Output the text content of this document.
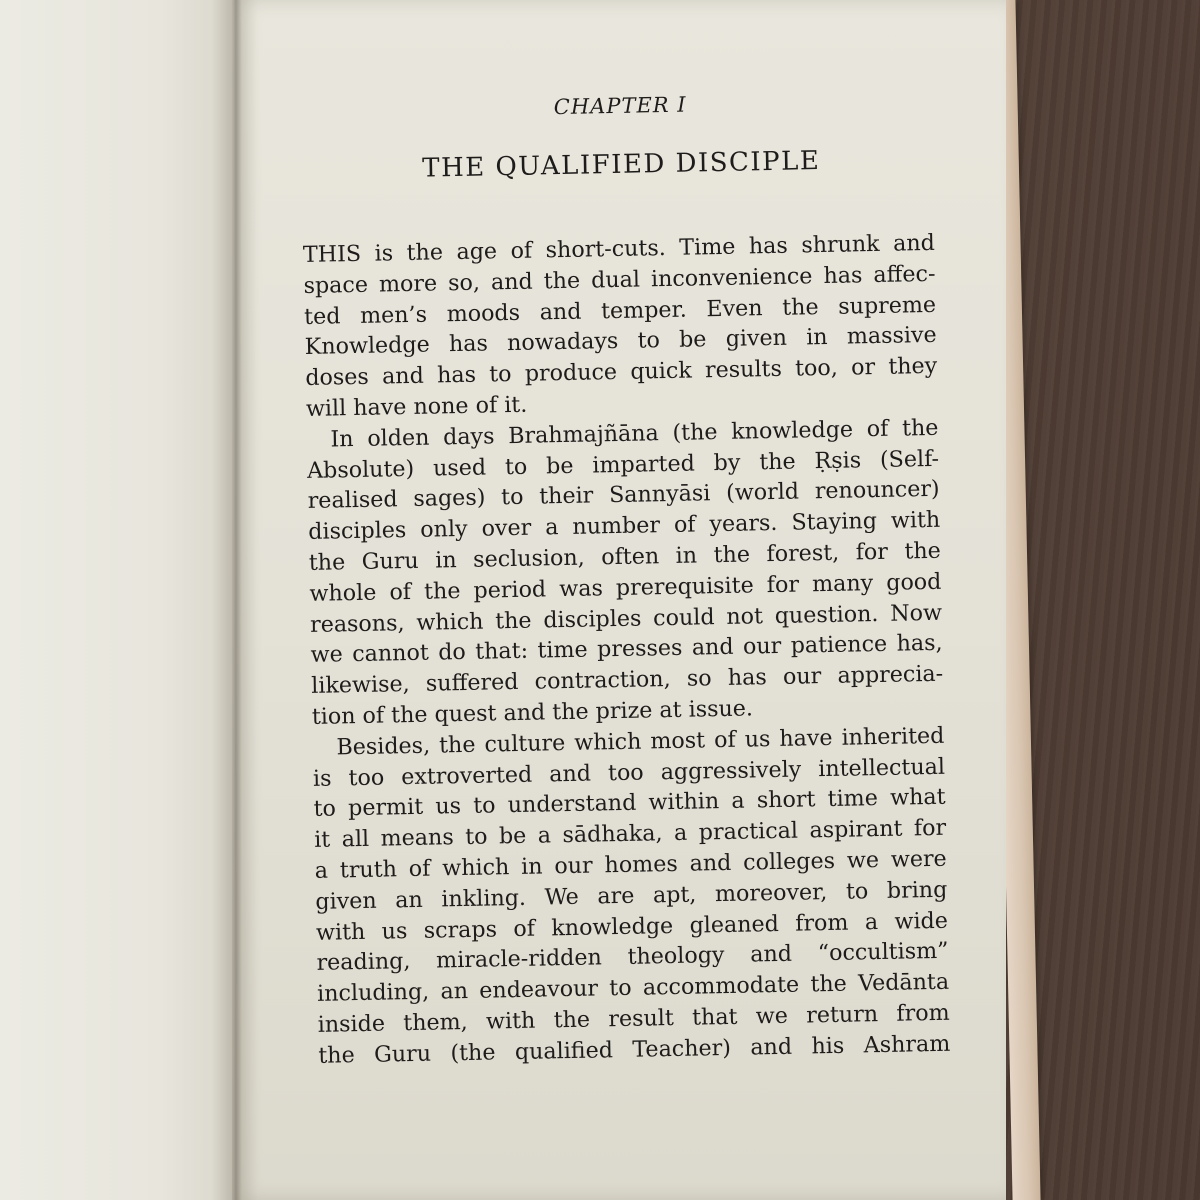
CHAPTER I
THE QUALIFIED DISCIPLE
THIS is the age of short-cuts. Time has shrunk and
space more so, and the dual inconvenience has affec-
ted men’s moods and temper. Even the supreme
Knowledge has nowadays to be given in massive
doses and has to produce quick results too, or they
will have none of it.
In olden days Brahmajñāna (the knowledge of the
Absolute) used to be imparted by the Ṛṣis (Self-
realised sages) to their Sannyāsi (world renouncer)
disciples only over a number of years. Staying with
the Guru in seclusion, often in the forest, for the
whole of the period was prerequisite for many good
reasons, which the disciples could not question. Now
we cannot do that: time presses and our patience has,
likewise, suffered contraction, so has our apprecia-
tion of the quest and the prize at issue.
Besides, the culture which most of us have inherited
is too extroverted and too aggressively intellectual
to permit us to understand within a short time what
it all means to be a sādhaka, a practical aspirant for
a truth of which in our homes and colleges we were
given an inkling. We are apt, moreover, to bring
with us scraps of knowledge gleaned from a wide
reading, miracle-ridden theology and “occultism”
including, an endeavour to accommodate the Vedānta
inside them, with the result that we return from
the Guru (the qualified Teacher) and his Ashram
